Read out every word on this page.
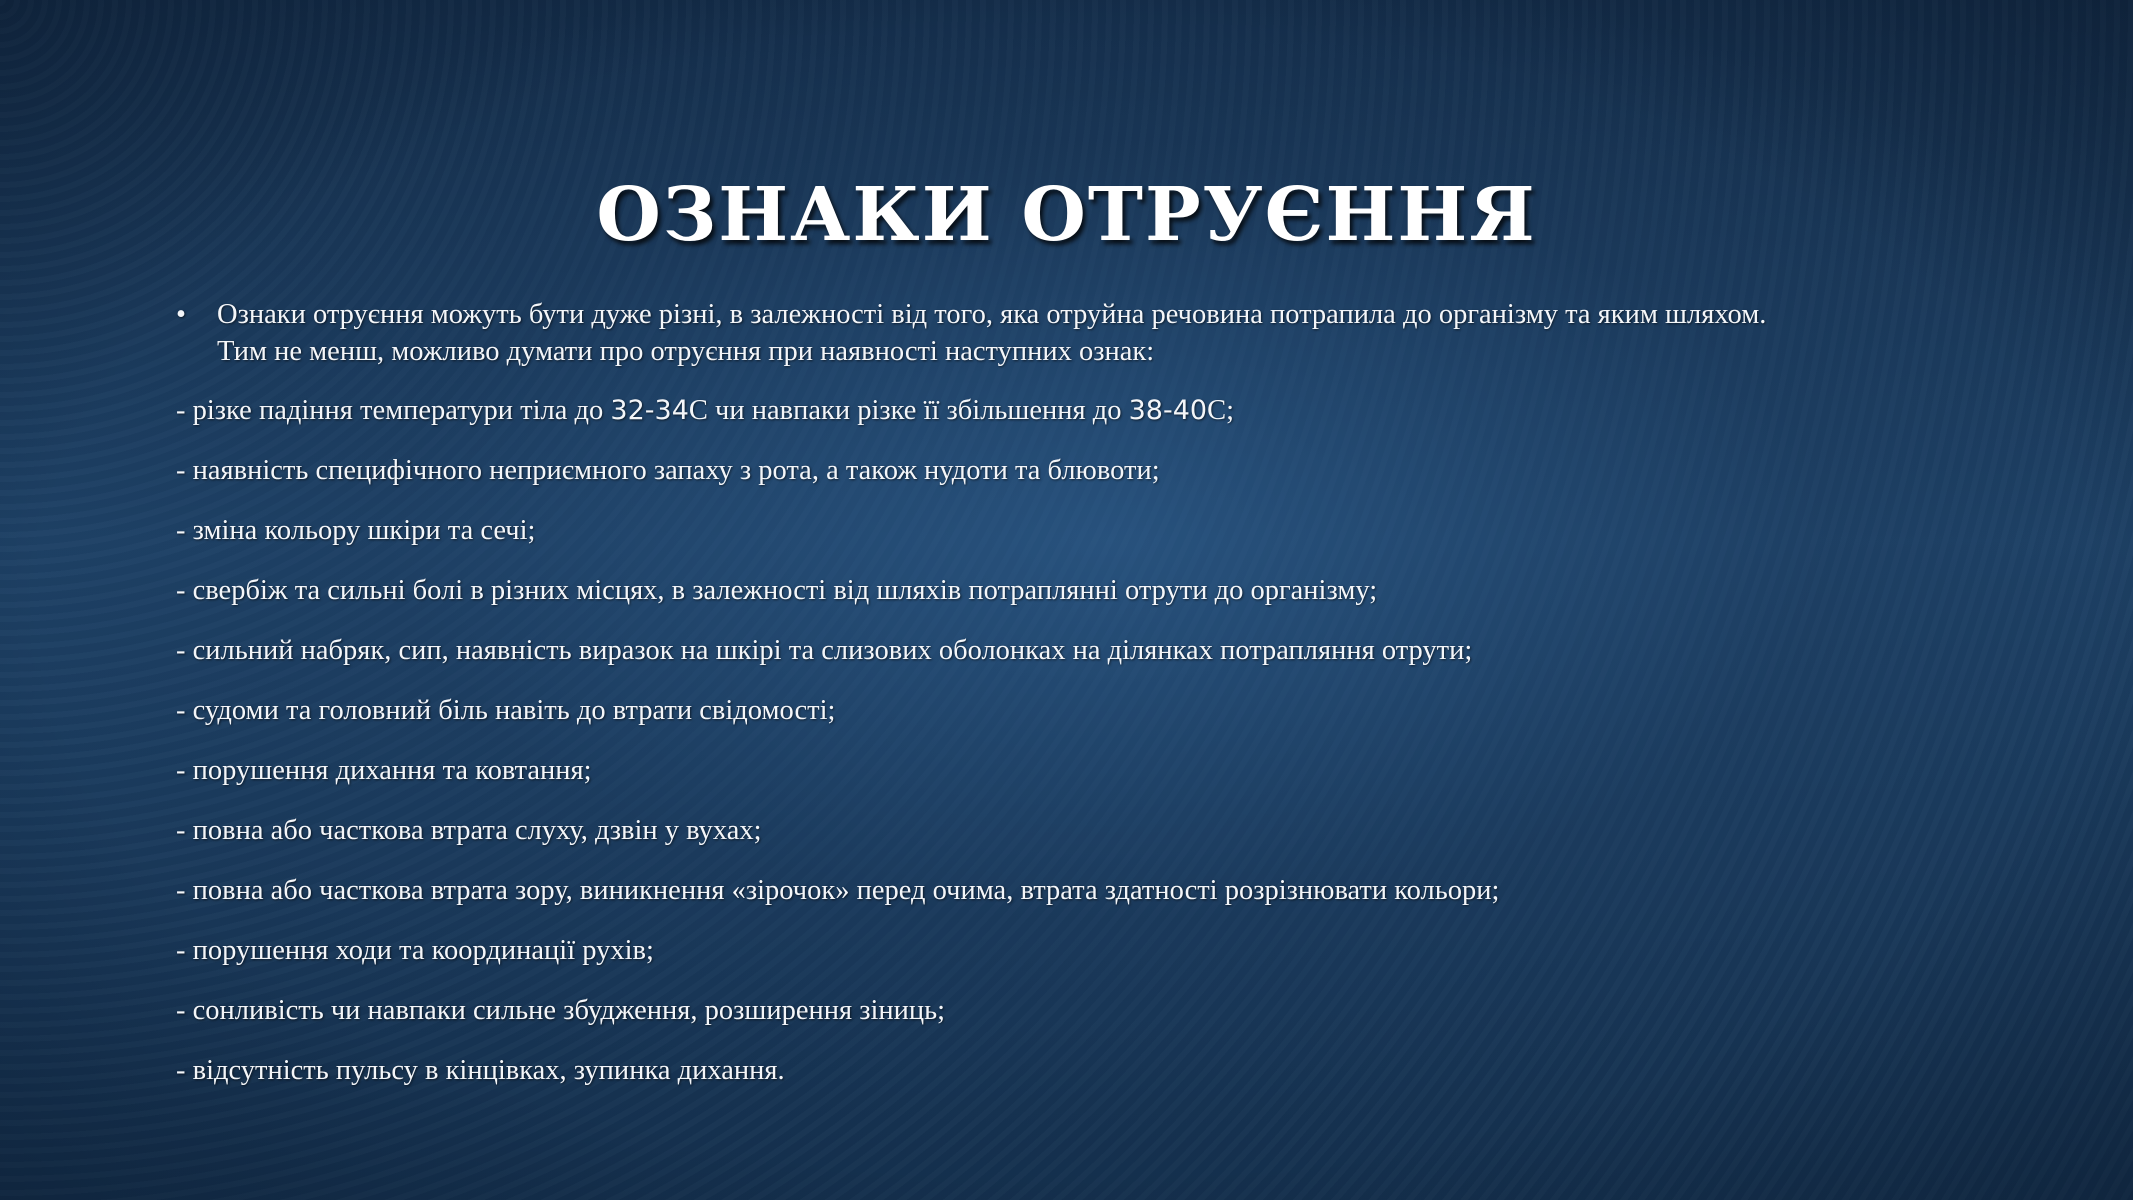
ОЗНАКИ ОТРУЄННЯ
• Ознаки отруєння можуть бути дуже різні, в залежності від того, яка отруйна речовина потрапила до організму та яким шляхом.
Тим не менш, можливо думати про отруєння при наявності наступних ознак:
- різке падіння температури тіла до 32-34С чи навпаки різке її збільшення до 38-40С;
- наявність специфічного неприємного запаху з рота, а також нудоти та блювоти;
- зміна кольору шкіри та сечі;
- свербіж та сильні болі в різних місцях, в залежності від шляхів потраплянні отрути до організму;
- сильний набряк, сип, наявність виразок на шкірі та слизових оболонках на ділянках потрапляння отрути;
- судоми та головний біль навіть до втрати свідомості;
- порушення дихання та ковтання;
- повна або часткова втрата слуху, дзвін у вухах;
- повна або часткова втрата зору, виникнення «зірочок» перед очима, втрата здатності розрізнювати кольори;
- порушення ходи та координації рухів;
- сонливість чи навпаки сильне збудження, розширення зіниць;
- відсутність пульсу в кінцівках, зупинка дихання.
